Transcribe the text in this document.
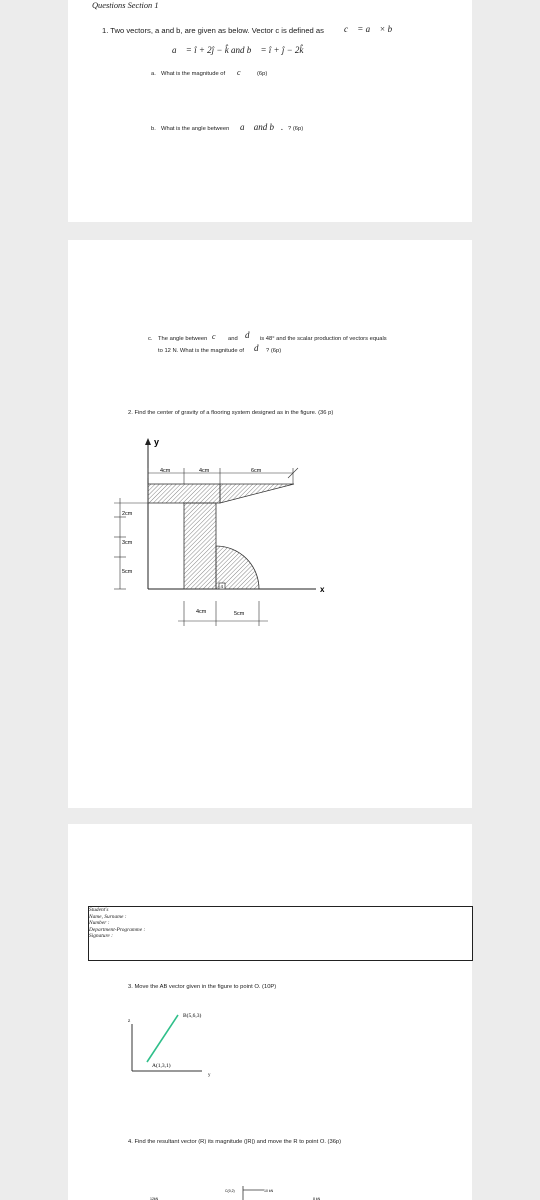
Questions Section 1
1. Two vectors, a and b, are given as below. Vector c is defined as c⃗ = a⃗ × b⃗
a⃗ = î + 2ĵ − k̂ and b⃗ = î + ĵ − 2k̂
a. What is the magnitude of c⃗ (6p)
b. What is the angle between a⃗ and b⃗. ? (6p)
c. The angle between c⃗ and d⃗ is 48° and the scalar production of vectors equals
to 12 N. What is the magnitude of d⃗ ? (6p)
2. Find the center of gravity of a flooring system designed as in the figure. (36 p)
y
x
4cm	4cm	6cm
2cm
3cm
5cm
4cm	5cm
4
Student's
Name, Surname :
Number :
Department-Programme :
Signature :
3. Move the AB vector given in the figure to point O. (10P)
z
y
B(5,6,3)
A(1,3,1)
C(0,2)	10 kN
12kN	8 kN
4. Find the resultant vector (R) its magnitude (|R|) and move the R to point O. (36p)
